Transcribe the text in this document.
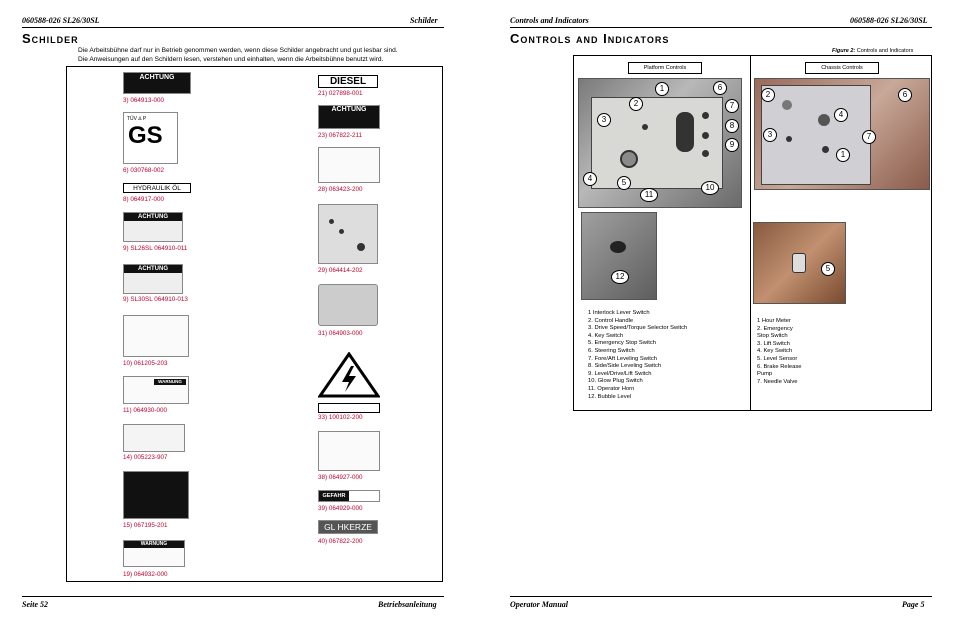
060588-026 SL26/30SL	Schilder
Schilder
Die Arbeitsbühne darf nur in Betrieb genommen werden, wenn diese Schilder angebracht und gut lesbar sind.
Die Anweisungen auf den Schildern lesen, verstehen und einhalten, wenn die Arbeitsbühne benutzt wird.
ACHTUNG
3) 064913-000
TÜV ∆ P
GS
6) 030768-002
HYDRAULIK ÖL
8) 064917-000
ACHTUNG
9) SL26SL 064910-011
ACHTUNG
9) SL30SL 064910-013
10) 061205-203
WARNUNG
11) 064930-000
14) 005223-907
15) 067195-201
WARNUNG
19) 064932-000
DIESEL
21) 027898-001
ACHTUNG
23) 067822-211
28) 063423-200
29) 064414-202
31) 064903-000
33) 100102-200
38) 064927-000
GEFAHR
39) 064929-000
GL HKERZE
40) 067822-200
Seite 52	Betriebsanleitung
Controls and Indicators	060588-026 SL26/30SL
Controls and Indicators
Figure 2: Controls and Indicators
Platform Controls	Chassis Controls
1
2
3
4	5
6
7
8
9
10
11
12
2
4
3
1
6
7
5
1 Interlock Lever Switch
2. Control Handle
3. Drive Speed/Torque Selector Switch
4. Key Switch
5. Emergency Stop Switch
6. Steering Switch
7. Fore/Aft Leveling Switch
8. Side/Side Leveling Switch
9. Level/Drive/Lift Switch
10. Glow Plug Switch
11. Operator Horn
12. Bubble Level
1 Hour Meter
2. Emergency
Stop Switch
3. Lift Switch
4. Key Switch
5. Level Sensor
6. Brake Release
Pump
7. Needle Valve
Operator Manual	Page 5
